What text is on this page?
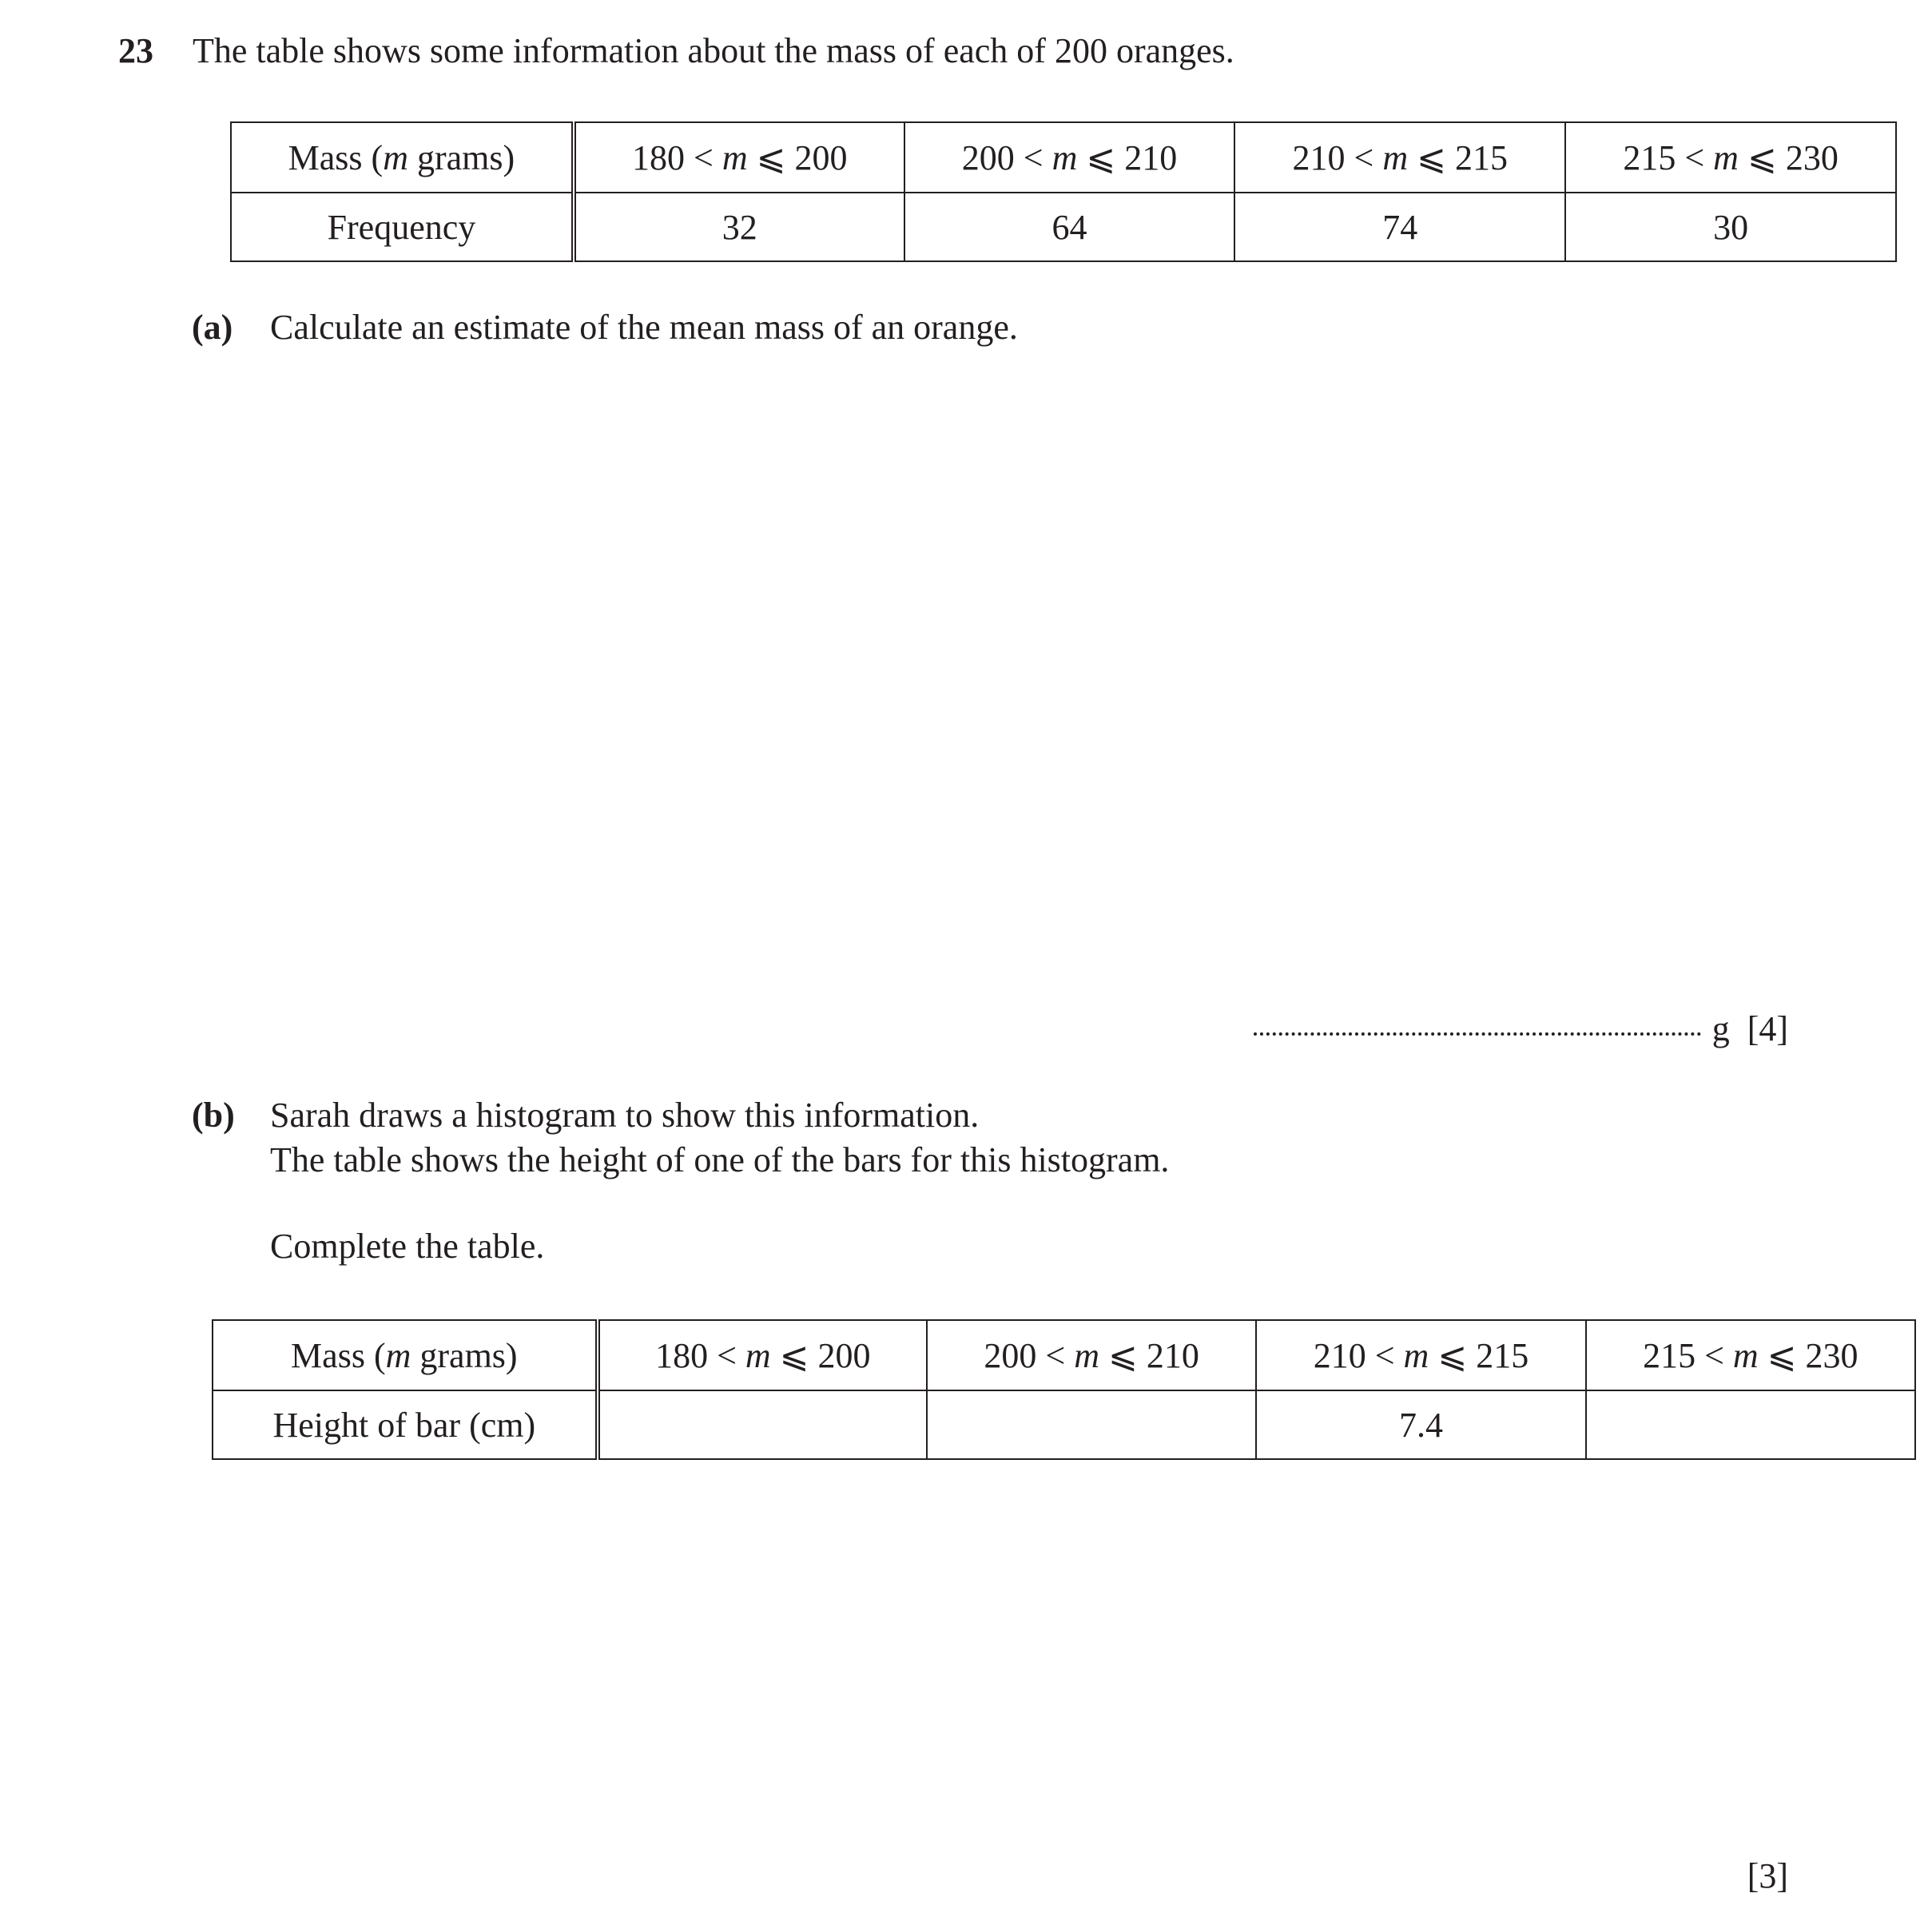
23 The table shows some information about the mass of each of 200 oranges.
Mass (m grams)	180 < m ⩽ 200	200 < m ⩽ 210	210 < m ⩽ 215	215 < m ⩽ 230
Frequency	32	64	74	30
(a) Calculate an estimate of the mean mass of an orange.
g [4]
(b) Sarah draws a histogram to show this information.
The table shows the height of one of the bars for this histogram.
Complete the table.
Mass (m grams)	180 < m ⩽ 200	200 < m ⩽ 210	210 < m ⩽ 215	215 < m ⩽ 230
Height of bar (cm)			7.4	
[3]
